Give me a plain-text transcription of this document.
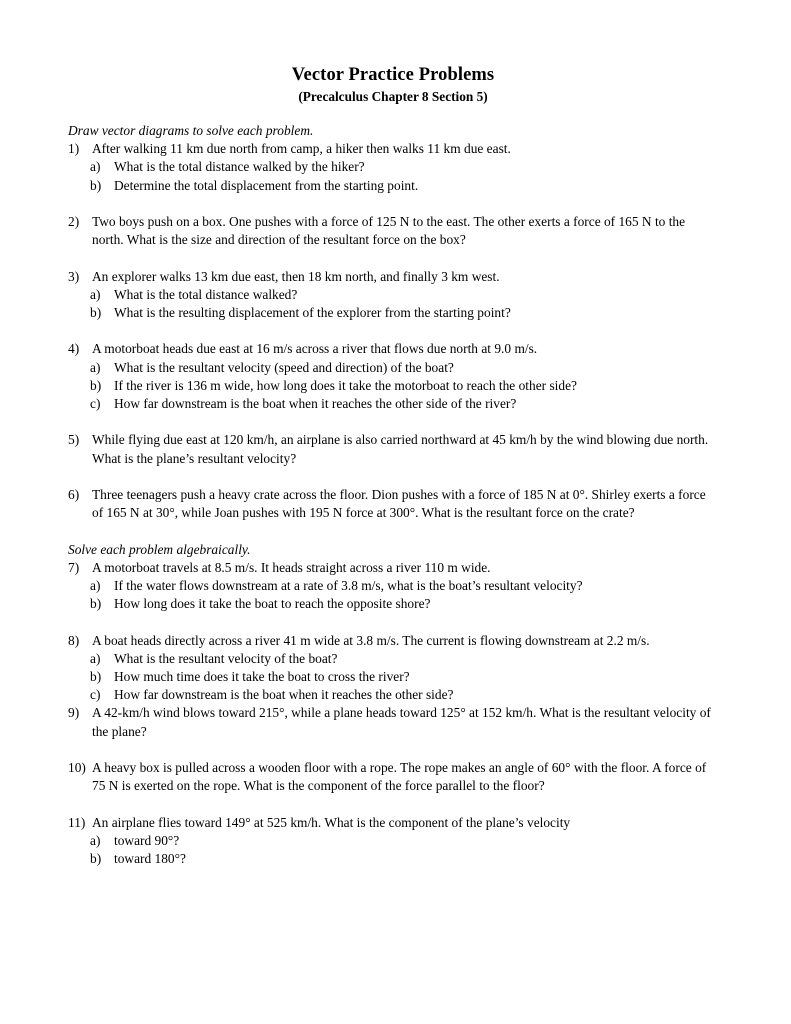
Vector Practice Problems
(Precalculus Chapter 8 Section 5)

Draw vector diagrams to solve each problem.

1) After walking 11 km due north from camp, a hiker then walks 11 km due east.
a)	What is the total distance walked by the hiker?
b) Determine the total displacement from the starting point.
2) Two boys push on a box. One pushes with a force of 125 N to the east. The other exerts a force of 165 N to the north. What is the size and direction of the resultant force on the box?
3) An explorer walks 13 km due east, then 18 km north, and finally 3 km west.
a)	What is the total distance walked?
b) What is the resulting displacement of the explorer from the starting point?
4) A motorboat heads due east at 16 m/s across a river that flows due north at 9.0 m/s.
a)	What is the resultant velocity (speed and direction) of the boat?
b) If the river is 136 m wide, how long does it take the motorboat to reach the other side?
c)	How far downstream is the boat when it reaches the other side of the river?
5) While flying due east at 120 km/h, an airplane is also carried northward at 45 km/h by the wind blowing due north. What is the plane’s resultant velocity?
6) Three teenagers push a heavy crate across the floor. Dion pushes with a force of 185 N at 0°. Shirley exerts a force of 165 N at 30°, while Joan pushes with 195 N force at 300°. What is the resultant force on the crate?

Solve each problem algebraically.

7) A motorboat travels at 8.5 m/s. It heads straight across a river 110 m wide.
a)	If the water flows downstream at a rate of 3.8 m/s, what is the boat’s resultant velocity?
b) How long does it take the boat to reach the opposite shore?
8) A boat heads directly across a river 41 m wide at 3.8 m/s. The current is flowing downstream at 2.2 m/s.
a)	What is the resultant velocity of the boat?
b) How much time does it take the boat to cross the river?
c)	How far downstream is the boat when it reaches the other side?
9) A 42-km/h wind blows toward 215°, while a plane heads toward 125° at 152 km/h. What is the resultant velocity of the plane?
10) A heavy box is pulled across a wooden floor with a rope. The rope makes an angle of 60° with the floor. A force of 75 N is exerted on the rope. What is the component of the force parallel to the floor?
11) An airplane flies toward 149° at 525 km/h. What is the component of the plane’s velocity
a)	toward 90°?
b) toward 180°?
